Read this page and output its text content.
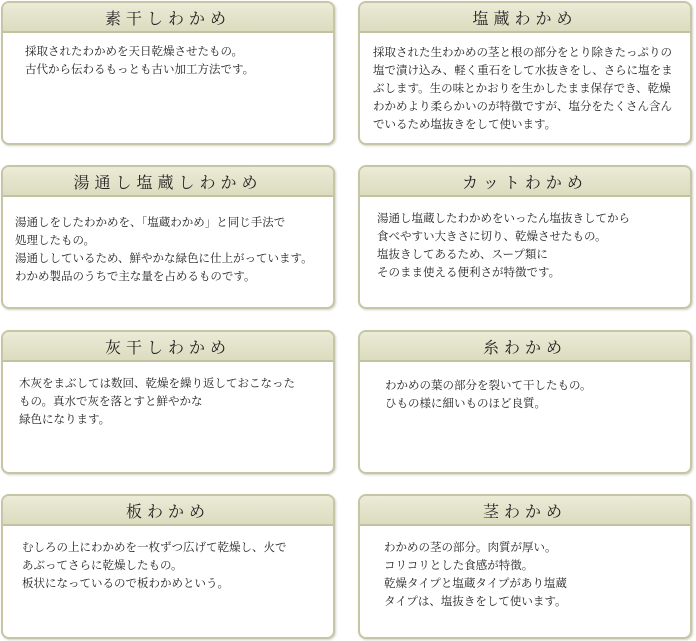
素干しわかめ

採取されたわかめを天日乾燥させたもの。

古代から伝わるもっとも古い加工方法です。

塩蔵わかめ

採取された生わかめの茎と根の部分をとり除きたっぷりの塩で漬け込み、軽く重石をして水抜きをし、さらに塩をまぶします。生の味とかおりを生かしたまま保存でき、乾燥わかめより柔らかいのが特徴ですが、塩分をたくさん含んでいるため塩抜きをして使います。

湯通し塩蔵しわかめ

湯通しをしたわかめを、「塩蔵わかめ」と同じ手法で

処理したもの。

湯通ししているため、鮮やかな緑色に仕上がっています。

わかめ製品のうちで主な量を占めるものです。

カットわかめ

湯通し塩蔵したわかめをいったん塩抜きしてから

食べやすい大きさに切り、乾燥させたもの。

塩抜きしてあるため、スープ類に

そのまま使える便利さが特徴です。

灰干しわかめ

木灰をまぶしては数回、乾燥を繰り返しておこなった

もの。真水で灰を落とすと鮮やかな

緑色になります。

糸わかめ

わかめの葉の部分を裂いて干したもの。

ひもの様に細いものほど良質。

板わかめ

むしろの上にわかめを一枚ずつ広げて乾燥し、火で

あぶってさらに乾燥したもの。

板状になっているので板わかめという。

茎わかめ

わかめの茎の部分。肉質が厚い。

コリコリとした食感が特徴。

乾燥タイプと塩蔵タイプがあり塩蔵

タイプは、塩抜きをして使います。
